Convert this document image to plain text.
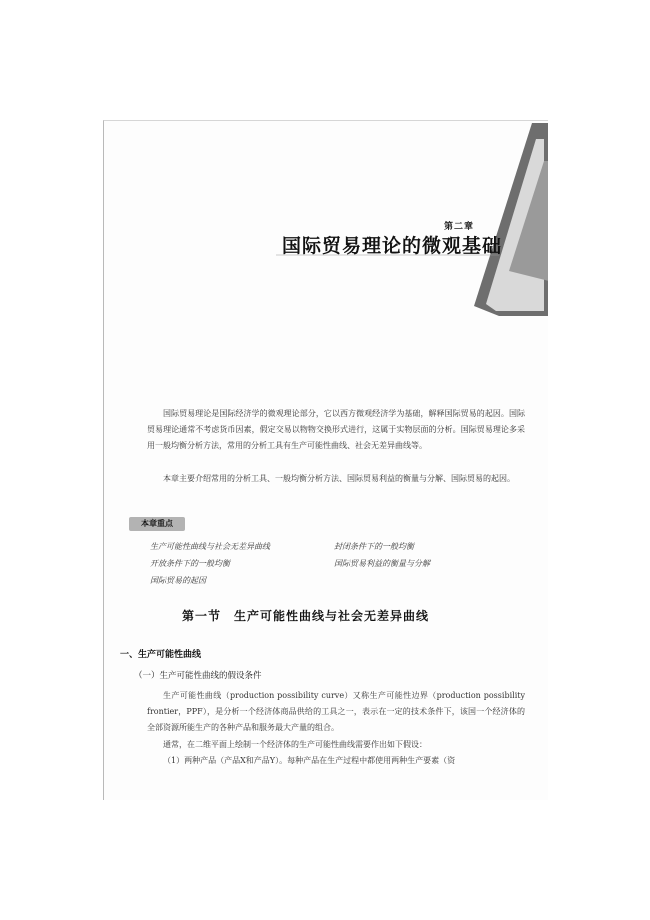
第二章
国际贸易理论的微观基础

国际贸易理论是国际经济学的微观理论部分，它以西方微观经济学为基础，解释国际贸易的起因。国际贸易理论通常不考虑货币因素，假定交易以物物交换形式进行，这属于实物层面的分析。国际贸易理论多采用一般均衡分析方法，常用的分析工具有生产可能性曲线、社会无差异曲线等。

本章主要介绍常用的分析工具、一般均衡分析方法、国际贸易利益的衡量与分解、国际贸易的起因。

本章重点
生产可能性曲线与社会无差异曲线	封闭条件下的一般均衡
开放条件下的一般均衡	国际贸易利益的衡量与分解
国际贸易的起因
第一节　生产可能性曲线与社会无差异曲线
一、生产可能性曲线
（一）生产可能性曲线的假设条件

生产可能性曲线（production possibility curve）又称生产可能性边界（production possibility frontier，PPF），是分析一个经济体商品供给的工具之一，表示在一定的技术条件下，该国一个经济体的全部资源所能生产的各种产品和服务最大产量的组合。

通常，在二维平面上绘制一个经济体的生产可能性曲线需要作出如下假设：

（1）两种产品（产品X和产品Y）。每种产品在生产过程中都使用两种生产要素（资
